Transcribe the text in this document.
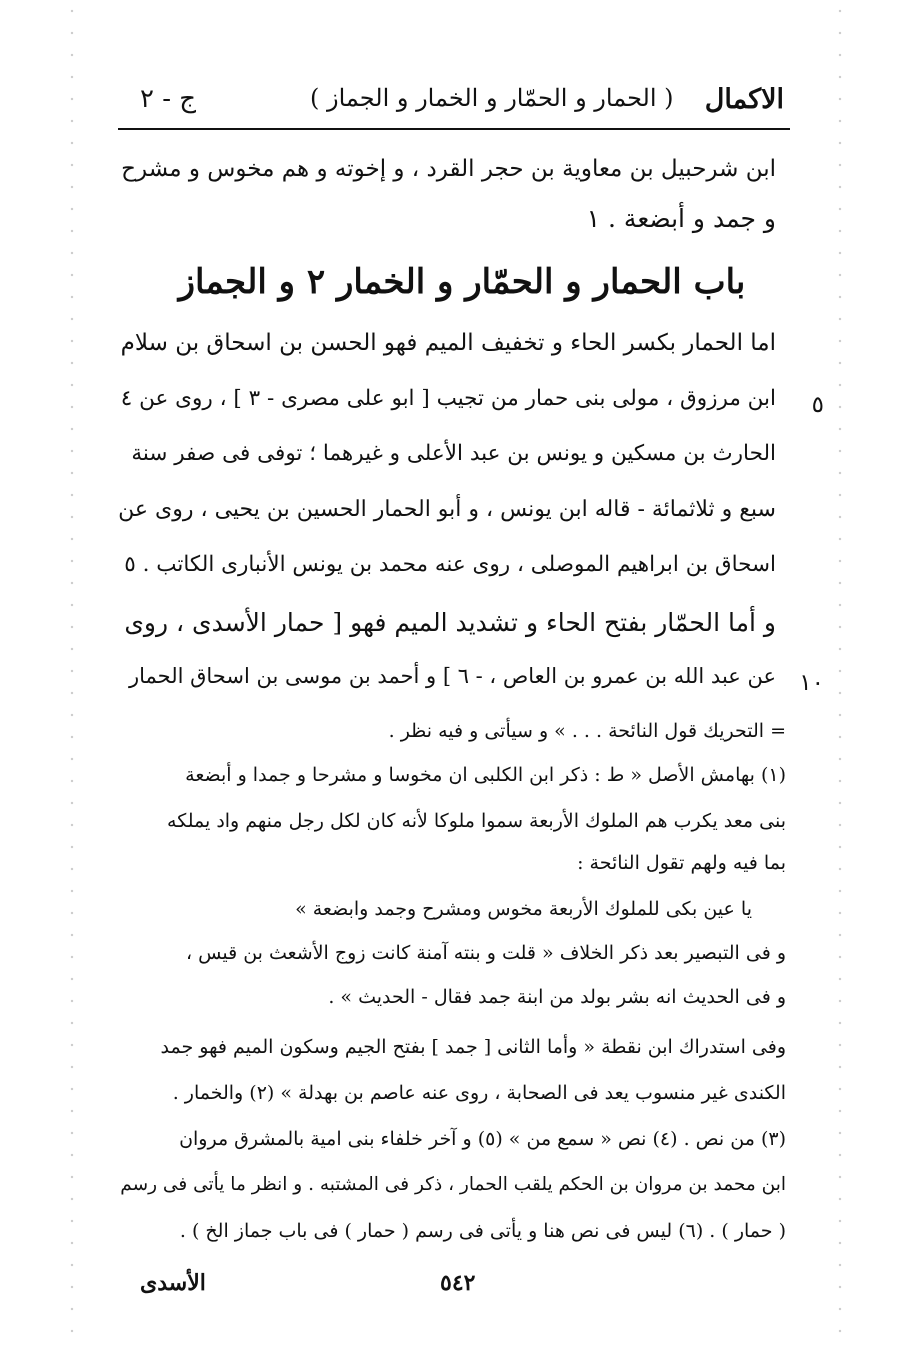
الاكمال
( الحمار و الحمّار و الخمار و الجماز )
ج - ٢
ابن شرحبيل بن معاوية بن حجر القرد ، و إخوته و هم مخوس و مشرح
و جمد و أبضعة . ١
باب الحمار و الحمّار و الخمار ٢ و الجماز
اما الحمار بكسر الحاء و تخفيف الميم فهو الحسن بن اسحاق بن سلام
ابن مرزوق ، مولى بنى حمار من تجيب [ ابو على مصرى - ٣ ] ، روى عن ٤
الحارث بن مسكين و يونس بن عبد الأعلى و غيرهما ؛ توفى فى صفر سنة
سبع و ثلاثمائة - قاله ابن يونس ، و أبو الحمار الحسين بن يحيى ، روى عن
اسحاق بن ابراهيم الموصلى ، روى عنه محمد بن يونس الأنبارى الكاتب . ٥
و أما الحمّار بفتح الحاء و تشديد الميم فهو [ حمار الأسدى ، روى
عن عبد الله بن عمرو بن العاص ، - ٦ ] و أحمد بن موسى بن اسحاق الحمار
٥
١٠
= التحريك قول النائحة . . . » و سيأتى و فيه نظر .
(١) بهامش الأصل « ط : ذكر ابن الكلبى ان مخوسا و مشرحا و جمدا و أبضعة
بنى معد يكرب هم الملوك الأربعة سموا ملوكا لأنه كان لكل رجل منهم واد يملكه
بما فيه ولهم تقول النائحة :
يا عين بكى للملوك الأربعة مخوس ومشرح وجمد وابضعة »
و فى التبصير بعد ذكر الخلاف « قلت و بنته آمنة كانت زوج الأشعث بن قيس ،
و فى الحديث انه بشر بولد من ابنة جمد فقال - الحديث » .
وفى استدراك ابن نقطة « وأما الثانى [ جمد ] بفتح الجيم وسكون الميم فهو جمد
الكندى غير منسوب يعد فى الصحابة ، روى عنه عاصم بن بهدلة » (٢) والخمار .
(٣) من نص . (٤) نص « سمع من » (٥) و آخر خلفاء بنى امية بالمشرق مروان
ابن محمد بن مروان بن الحكم يلقب الحمار ، ذكر فى المشتبه . و انظر ما يأتى فى رسم
( حمار ) . (٦) ليس فى نص هنا و يأتى فى رسم ( حمار ) فى باب جماز الخ ) .
الأسدى	٥٤٢
